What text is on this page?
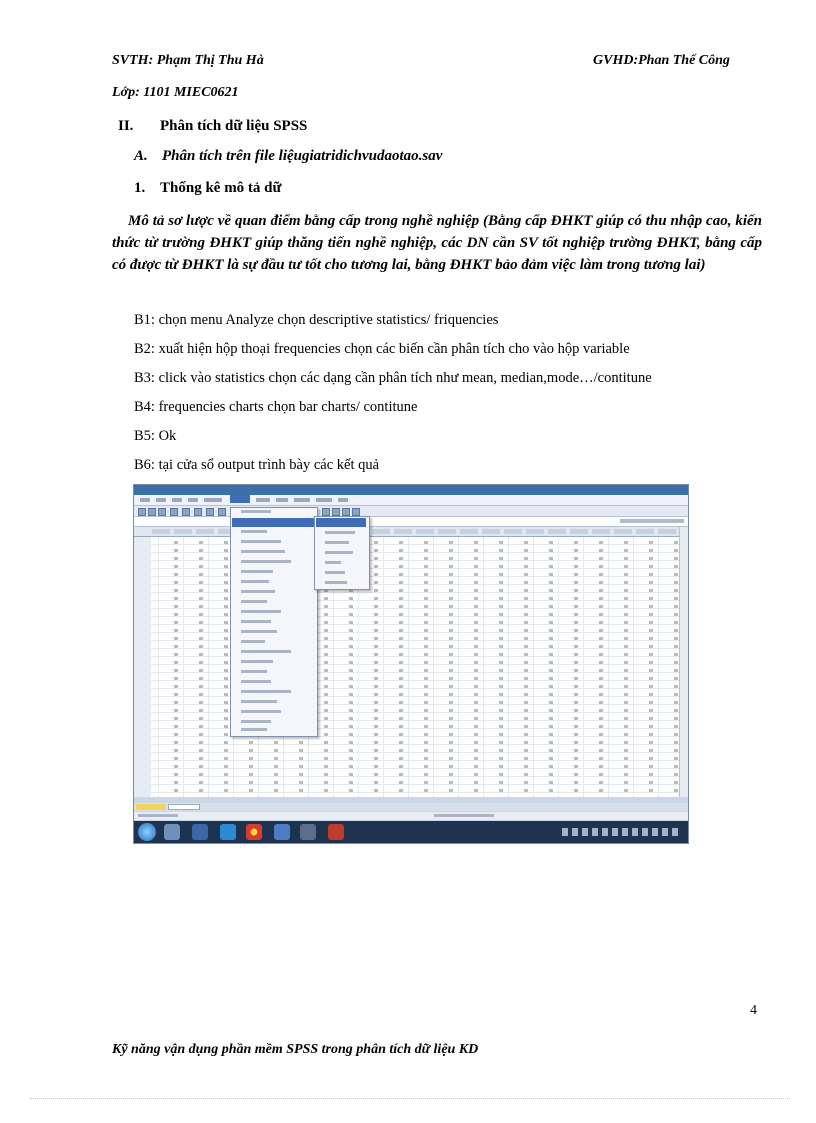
SVTH: Phạm Thị Thu Hà	GVHD:Phan Thế Công
Lớp: 1101 MIEC0621
II. Phân tích dữ liệu SPSS
A. Phân tích trên file liệugiatridichvudaotao.sav
1. Thống kê mô tả dữ
Mô tả sơ lược về quan điểm bằng cấp trong nghề nghiệp (Bằng cấp ĐHKT giúp có thu nhập cao, kiến thức từ trường ĐHKT giúp thăng tiến nghề nghiệp, các DN cần SV tốt nghiệp trường ĐHKT, bằng cấp có được từ ĐHKT là sự đầu tư tốt cho tương lai, bằng ĐHKT bảo đảm việc làm trong tương lai)
B1: chọn menu Analyze chọn descriptive statistics/ friquencies
B2: xuất hiện hộp thoại frequencies chọn các biến cần phân tích cho vào hộp variable
B3: click vào statistics chọn các dạng cần phân tích như mean, median,mode…/contitune
B4: frequencies charts chọn bar charts/ contitune
B5: Ok
B6: tại cửa sổ output trình bày các kết quả
4
Kỹ năng vận dụng phần mềm SPSS trong phân tích dữ liệu KD
